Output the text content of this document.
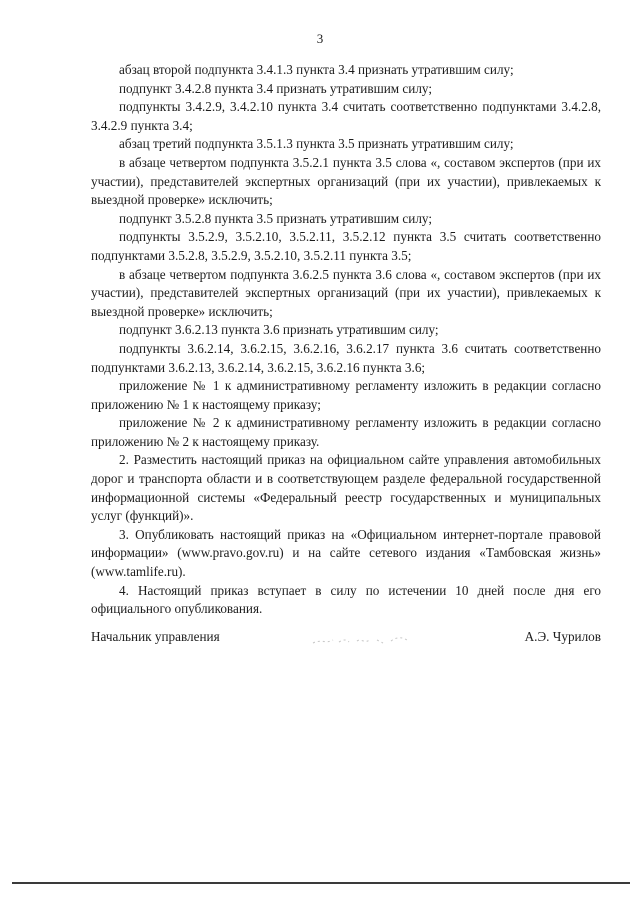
3

абзац второй подпункта 3.4.1.3 пункта 3.4 признать утратившим силу;

подпункт 3.4.2.8 пункта 3.4 признать утратившим силу;

подпункты 3.4.2.9, 3.4.2.10 пункта 3.4 считать соответственно подпунктами 3.4.2.8, 3.4.2.9 пункта 3.4;

абзац третий подпункта 3.5.1.3 пункта 3.5 признать утратившим силу;

в абзаце четвертом подпункта 3.5.2.1 пункта 3.5 слова «, составом экспертов (при их участии), представителей экспертных организаций (при их участии), привлекаемых к выездной проверке» исключить;

подпункт 3.5.2.8 пункта 3.5 признать утратившим силу;

подпункты 3.5.2.9, 3.5.2.10, 3.5.2.11, 3.5.2.12 пункта 3.5 считать соответственно подпунктами 3.5.2.8, 3.5.2.9, 3.5.2.10, 3.5.2.11 пункта 3.5;

в абзаце четвертом подпункта 3.6.2.5 пункта 3.6 слова «, составом экспертов (при их участии), представителей экспертных организаций (при их участии), привлекаемых к выездной проверке» исключить;

подпункт 3.6.2.13 пункта 3.6 признать утратившим силу;

подпункты 3.6.2.14, 3.6.2.15, 3.6.2.16, 3.6.2.17 пункта 3.6 считать соответственно подпунктами 3.6.2.13, 3.6.2.14, 3.6.2.15, 3.6.2.16 пункта 3.6;

приложение № 1 к административному регламенту изложить в редакции согласно приложению № 1 к настоящему приказу;

приложение № 2 к административному регламенту изложить в редакции согласно приложению № 2 к настоящему приказу.

2. Разместить настоящий приказ на официальном сайте управления автомобильных дорог и транспорта области и в соответствующем разделе федеральной государственной информационной системы «Федеральный реестр государственных и муниципальных услуг (функций)».

3. Опубликовать настоящий приказ на «Официальном интернет-портале правовой информации» (www.pravo.gov.ru) и на сайте сетевого издания «Тамбовская жизнь» (www.tamlife.ru).

4. Настоящий приказ вступает в силу по истечении 10 дней после дня его официального опубликования.

Начальник управления	А.Э. Чурилов
